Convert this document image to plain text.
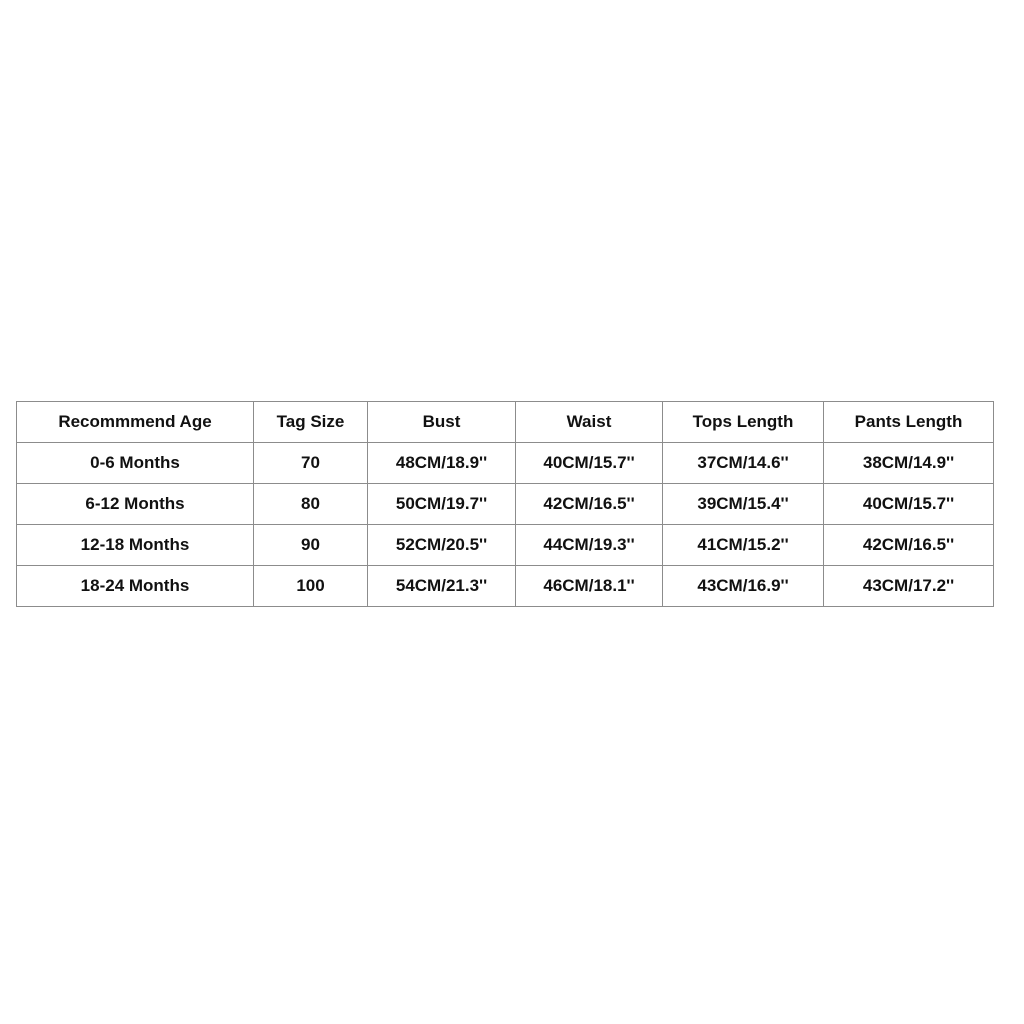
Recommmend Age	Tag Size	Bust	Waist	Tops Length	Pants Length
0-6 Months	70	48CM/18.9''	40CM/15.7''	37CM/14.6''	38CM/14.9''
6-12 Months	80	50CM/19.7''	42CM/16.5''	39CM/15.4''	40CM/15.7''
12-18 Months	90	52CM/20.5''	44CM/19.3''	41CM/15.2''	42CM/16.5''
18-24 Months	100	54CM/21.3''	46CM/18.1''	43CM/16.9''	43CM/17.2''
